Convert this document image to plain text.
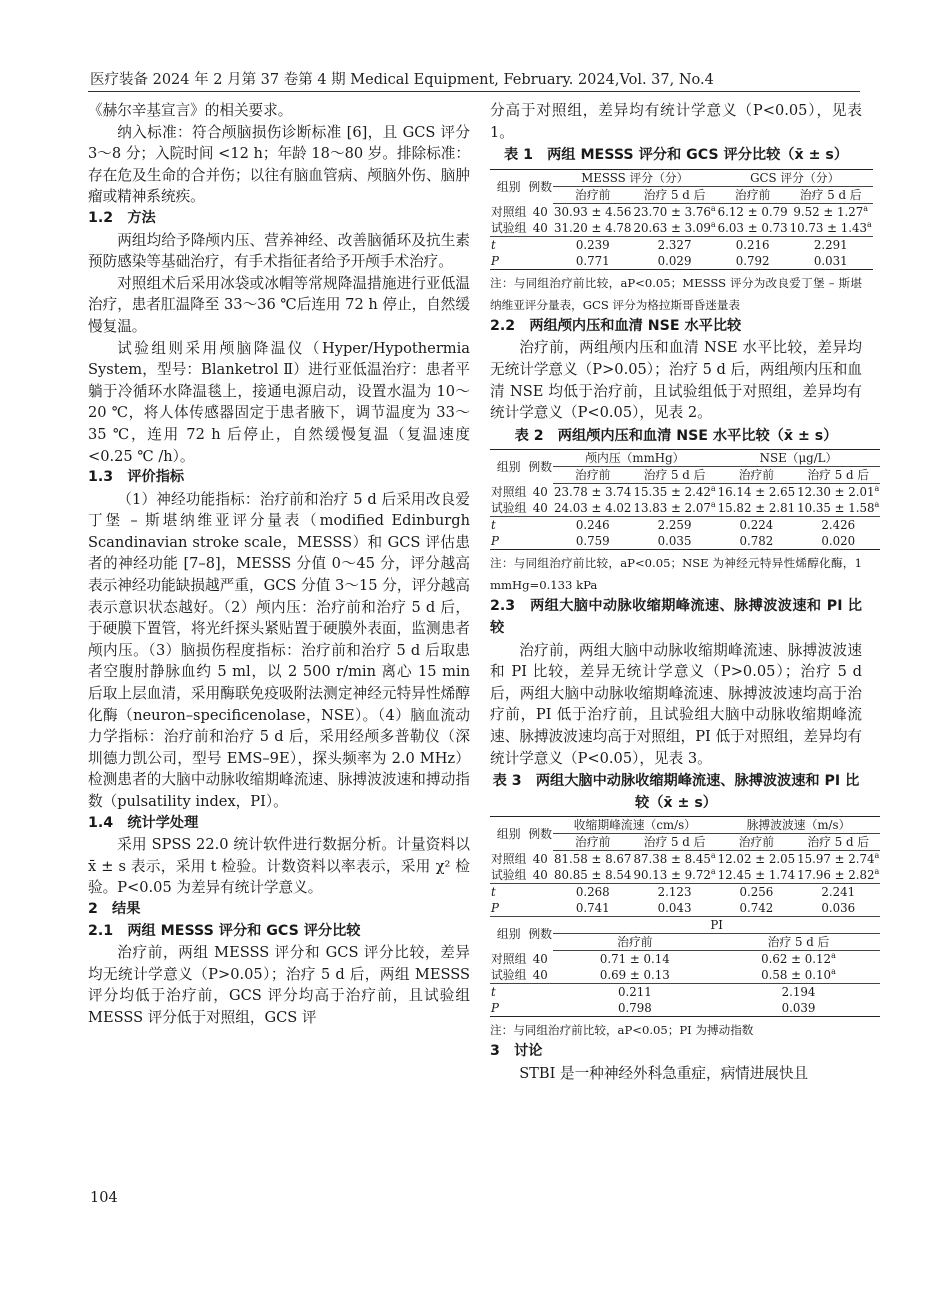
医疗装备 2024 年 2 月第 37 卷第 4 期 Medical Equipment, February. 2024,Vol. 37, No.4

《赫尔辛基宣言》的相关要求。

纳入标准：符合颅脑损伤诊断标准 [6]，且 GCS 评分 3～8 分；入院时间 <12 h；年龄 18～80 岁。排除标准：存在危及生命的合并伤；以往有脑血管病、颅脑外伤、脑肿瘤或精神系统疾。

1.2　方法

两组均给予降颅内压、营养神经、改善脑循环及抗生素预防感染等基础治疗，有手术指征者给予开颅手术治疗。

对照组术后采用冰袋或冰帽等常规降温措施进行亚低温治疗，患者肛温降至 33～36 ℃后连用 72 h 停止，自然缓慢复温。

试验组则采用颅脑降温仪（Hyper/Hypothermia System，型号：Blanketrol Ⅱ）进行亚低温治疗：患者平躺于冷循环水降温毯上，接通电源启动，设置水温为 10～20 ℃，将人体传感器固定于患者腋下，调节温度为 33～35 ℃，连用 72 h 后停止，自然缓慢复温（复温速度 <0.25 ℃ /h）。

1.3　评价指标

（1）神经功能指标：治疗前和治疗 5 d 后采用改良爱丁堡 – 斯堪纳维亚评分量表（modified Edinburgh Scandinavian stroke scale，MESSS）和 GCS 评估患者的神经功能 [7–8]，MESSS 分值 0～45 分，评分越高表示神经功能缺损越严重，GCS 分值 3～15 分，评分越高表示意识状态越好。（2）颅内压：治疗前和治疗 5 d 后，于硬膜下置管，将光纤探头紧贴置于硬膜外表面，监测患者颅内压。（3）脑损伤程度指标：治疗前和治疗 5 d 后取患者空腹肘静脉血约 5 ml，以 2 500 r/min 离心 15 min 后取上层血清，采用酶联免疫吸附法测定神经元特异性烯醇化酶（neuron–specificenolase，NSE）。（4）脑血流动力学指标：治疗前和治疗 5 d 后，采用经颅多普勒仪（深圳德力凯公司，型号 EMS–9E），探头频率为 2.0 MHz）检测患者的大脑中动脉收缩期峰流速、脉搏波波速和搏动指数（pulsatility index，PI）。

1.4　统计学处理

采用 SPSS 22.0 统计软件进行数据分析。计量资料以 x̄ ± s 表示，采用 t 检验。计数资料以率表示，采用 χ² 检验。P<0.05 为差异有统计学意义。

2　结果

2.1　两组 MESSS 评分和 GCS 评分比较

治疗前，两组 MESSS 评分和 GCS 评分比较，差异均无统计学意义（P>0.05）；治疗 5 d 后，两组 MESSS 评分均低于治疗前，GCS 评分均高于治疗前，且试验组 MESSS 评分低于对照组，GCS 评

分高于对照组，差异均有统计学意义（P<0.05），见表 1。

表 1　两组 MESSS 评分和 GCS 评分比较（x̄ ± s）

组别	例数	MESSS 评分（分）		GCS 评分（分）	
		治疗前	治疗 5 d 后	治疗前	治疗 5 d 后
对照组	40	30.93 ± 4.56	23.70 ± 3.76$^a$	6.12 ± 0.79	9.52 ± 1.27$^a$
试验组	40	31.20 ± 4.78	20.63 ± 3.09$^a$	6.03 ± 0.73	10.73 ± 1.43$^a$
t		0.239	2.327	0.216	2.291
P		0.771	0.029	0.792	0.031

注：与同组治疗前比较，aP<0.05；MESSS 评分为改良爱丁堡 – 斯堪纳维亚评分量表，GCS 评分为格拉斯哥昏迷量表

2.2　两组颅内压和血清 NSE 水平比较

治疗前，两组颅内压和血清 NSE 水平比较，差异均无统计学意义（P>0.05）；治疗 5 d 后，两组颅内压和血清 NSE 均低于治疗前，且试验组低于对照组，差异均有统计学意义（P<0.05），见表 2。

表 2　两组颅内压和血清 NSE 水平比较（x̄ ± s）

组别	例数	颅内压（mmHg）		NSE（μg/L）	
		治疗前	治疗 5 d 后	治疗前	治疗 5 d 后
对照组	40	23.78 ± 3.74	15.35 ± 2.42$^a$	16.14 ± 2.65	12.30 ± 2.01$^a$
试验组	40	24.03 ± 4.02	13.83 ± 2.07$^a$	15.82 ± 2.81	10.35 ± 1.58$^a$
t		0.246	2.259	0.224	2.426
P		0.759	0.035	0.782	0.020

注：与同组治疗前比较，aP<0.05；NSE 为神经元特异性烯醇化酶，1 mmHg=0.133 kPa

2.3　两组大脑中动脉收缩期峰流速、脉搏波波速和 PI 比较

治疗前，两组大脑中动脉收缩期峰流速、脉搏波波速和 PI 比较，差异无统计学意义（P>0.05）；治疗 5 d 后，两组大脑中动脉收缩期峰流速、脉搏波波速均高于治疗前，PI 低于治疗前，且试验组大脑中动脉收缩期峰流速、脉搏波波速均高于对照组，PI 低于对照组，差异均有统计学意义（P<0.05），见表 3。

表 3　两组大脑中动脉收缩期峰流速、脉搏波波速和 PI 比较（x̄ ± s）

组别	例数	收缩期峰流速（cm/s）		脉搏波波速（m/s）	
		治疗前	治疗 5 d 后	治疗前	治疗 5 d 后
对照组	40	81.58 ± 8.67	87.38 ± 8.45$^a$	12.02 ± 2.05	15.97 ± 2.74$^a$
试验组	40	80.85 ± 8.54	90.13 ± 9.72$^a$	12.45 ± 1.74	17.96 ± 2.82$^a$
t		0.268	2.123	0.256	2.241
P		0.741	0.043	0.742	0.036
组别	例数	PI			
		治疗前		治疗 5 d 后	
对照组	40	0.71 ± 0.14		0.62 ± 0.12$^a$
试验组	40	0.69 ± 0.13		0.58 ± 0.10$^a$
t		0.211		2.194	
P		0.798		0.039	

注：与同组治疗前比较，aP<0.05；PI 为搏动指数

3　讨论

STBI 是一种神经外科急重症，病情进展快且

104
